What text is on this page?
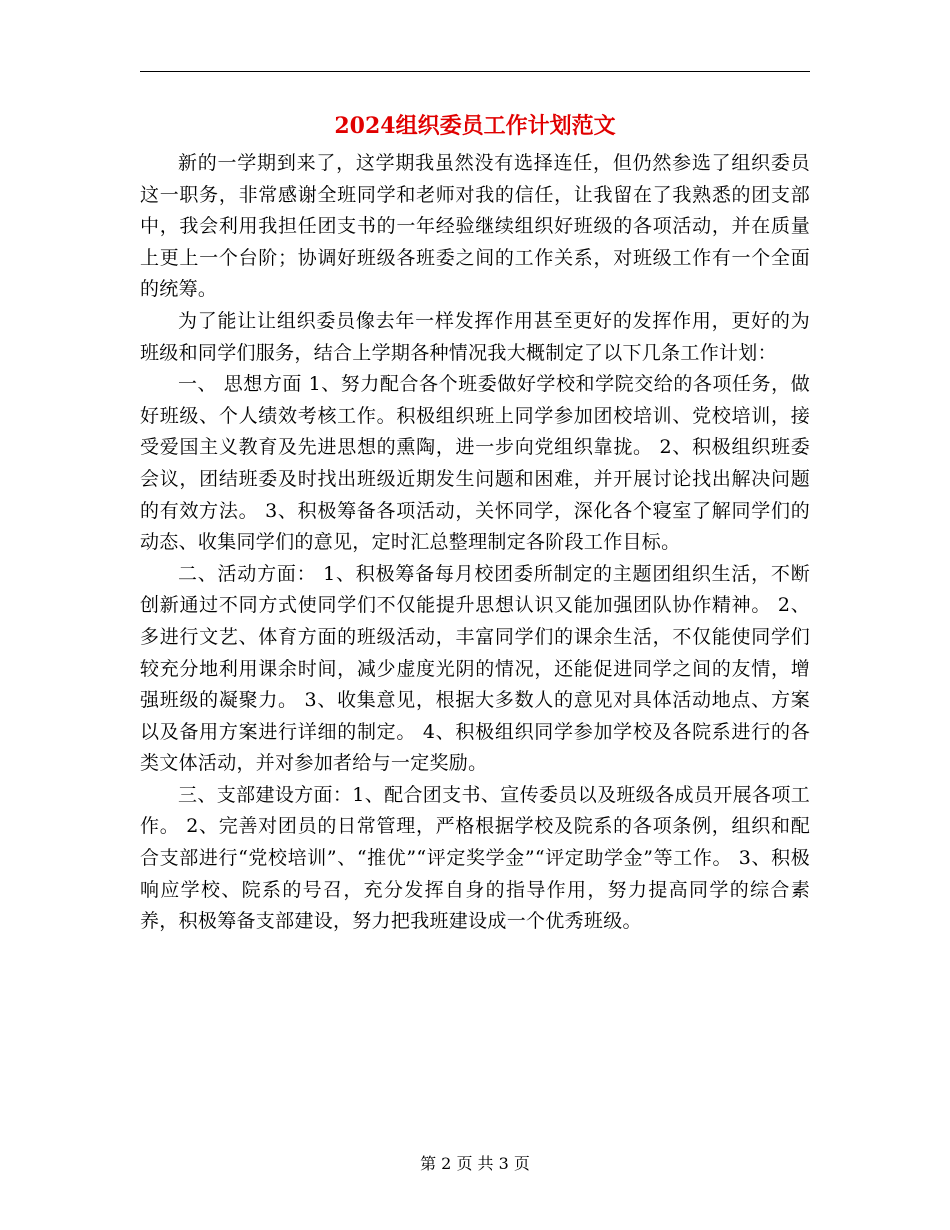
2024组织委员工作计划范文

新的一学期到来了，这学期我虽然没有选择连任，但仍然参选了组织委员这一职务，非常感谢全班同学和老师对我的信任，让我留在了我熟悉的团支部中，我会利用我担任团支书的一年经验继续组织好班级的各项活动，并在质量上更上一个台阶；协调好班级各班委之间的工作关系，对班级工作有一个全面的统筹。

为了能让让组织委员像去年一样发挥作用甚至更好的发挥作用，更好的为班级和同学们服务，结合上学期各种情况我大概制定了以下几条工作计划：

一、 思想方面 1、努力配合各个班委做好学校和学院交给的各项任务，做好班级、个人绩效考核工作。积极组织班上同学参加团校培训、党校培训，接受爱国主义教育及先进思想的熏陶，进一步向党组织靠拢。 2、积极组织班委会议，团结班委及时找出班级近期发生问题和困难，并开展讨论找出解决问题的有效方法。 3、积极筹备各项活动，关怀同学，深化各个寝室了解同学们的动态、收集同学们的意见，定时汇总整理制定各阶段工作目标。

二、活动方面： 1、积极筹备每月校团委所制定的主题团组织生活，不断创新通过不同方式使同学们不仅能提升思想认识又能加强团队协作精神。 2、多进行文艺、体育方面的班级活动，丰富同学们的课余生活，不仅能使同学们较充分地利用课余时间，减少虚度光阴的情况，还能促进同学之间的友情，增强班级的凝聚力。 3、收集意见，根据大多数人的意见对具体活动地点、方案以及备用方案进行详细的制定。 4、积极组织同学参加学校及各院系进行的各类文体活动，并对参加者给与一定奖励。

三、支部建设方面：1、配合团支书、宣传委员以及班级各成员开展各项工作。 2、完善对团员的日常管理，严格根据学校及院系的各项条例，组织和配合支部进行“党校培训”、“推优”“评定奖学金”“评定助学金”等工作。 3、积极响应学校、院系的号召，充分发挥自身的指导作用，努力提高同学的综合素养，积极筹备支部建设，努力把我班建设成一个优秀班级。

第 2 页 共 3 页
